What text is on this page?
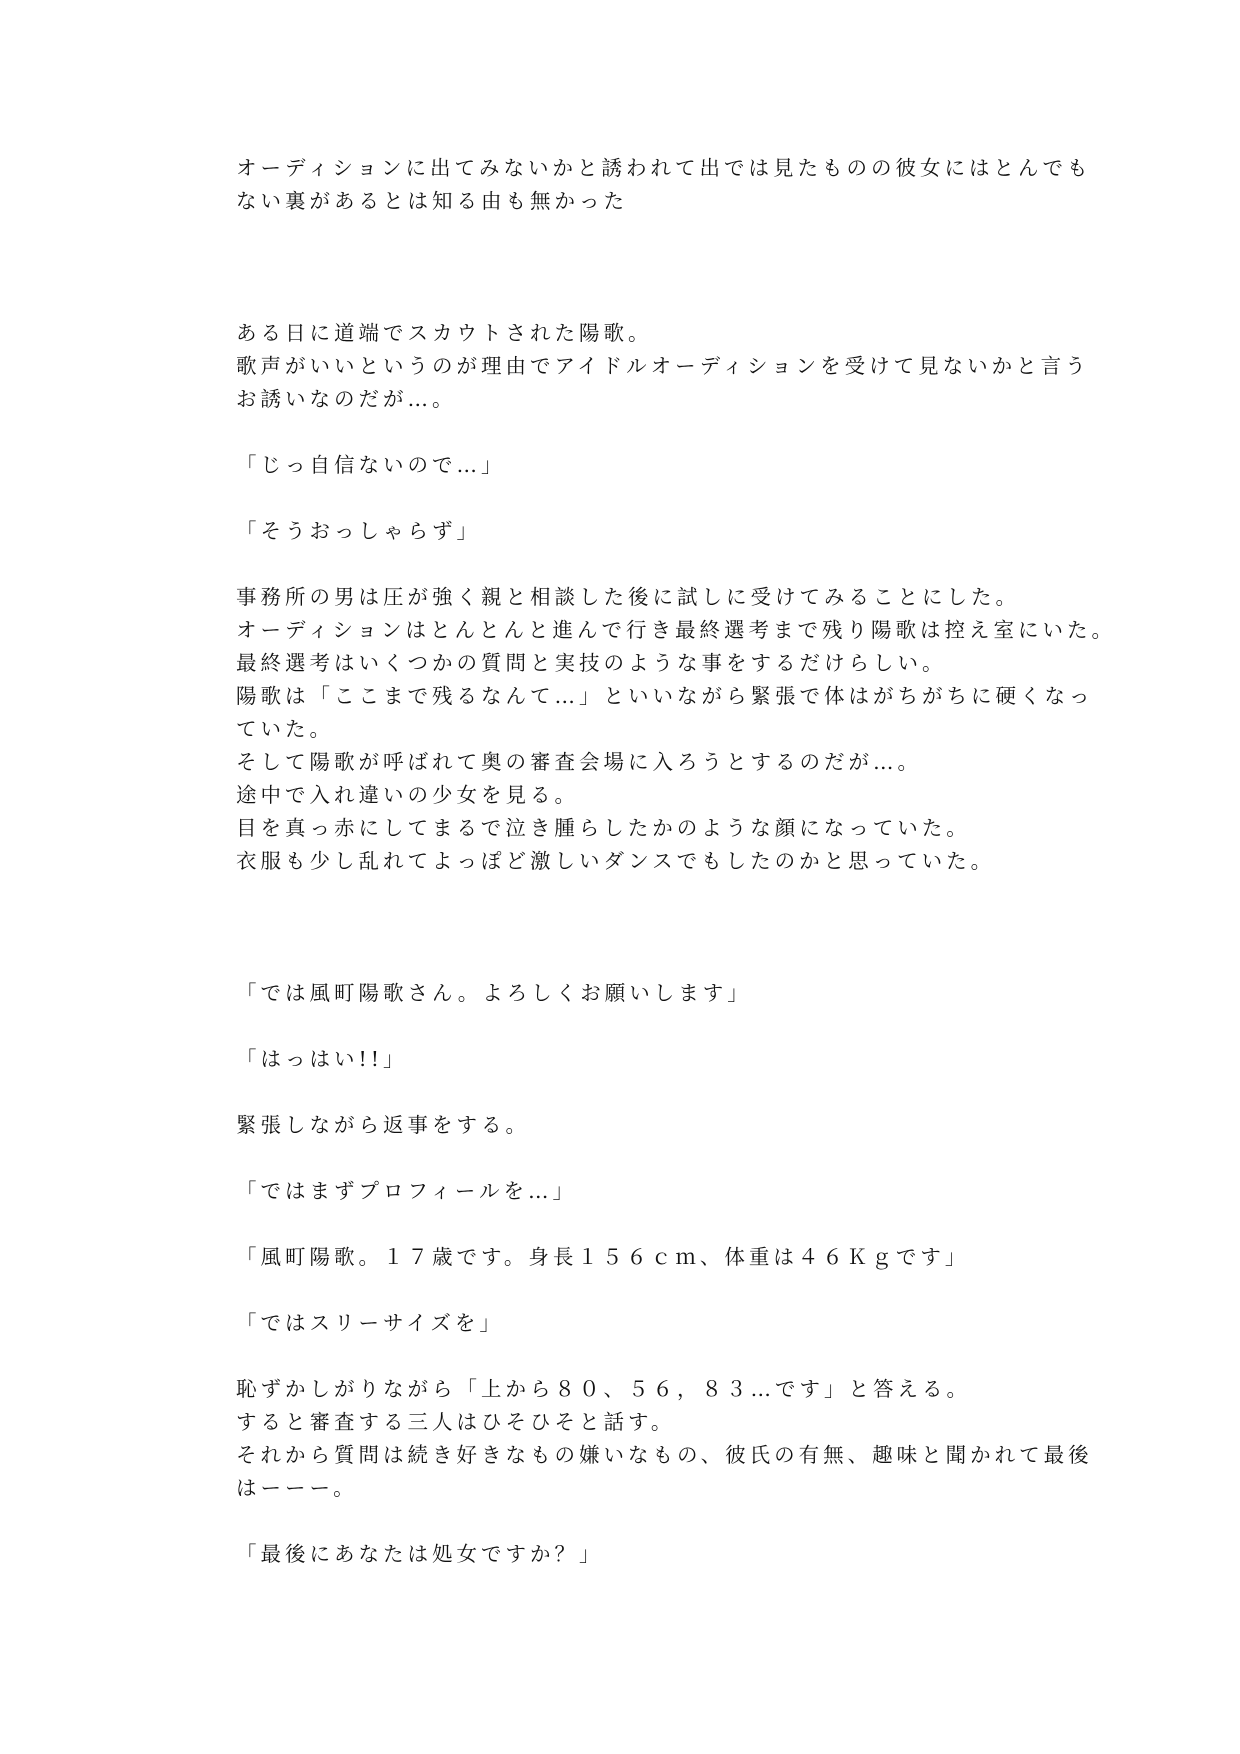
オーディションに出てみないかと誘われて出では見たものの彼女にはとんでも
ない裏があるとは知る由も無かった
ある日に道端でスカウトされた陽歌。
歌声がいいというのが理由でアイドルオーディションを受けて見ないかと言う
お誘いなのだが…。
「じっ自信ないので…」
「そうおっしゃらず」
事務所の男は圧が強く親と相談した後に試しに受けてみることにした。
オーディションはとんとんと進んで行き最終選考まで残り陽歌は控え室にいた。
最終選考はいくつかの質問と実技のような事をするだけらしい。
陽歌は「ここまで残るなんて…」といいながら緊張で体はがちがちに硬くなっ
ていた。
そして陽歌が呼ばれて奥の審査会場に入ろうとするのだが…。
途中で入れ違いの少女を見る。
目を真っ赤にしてまるで泣き腫らしたかのような顔になっていた。
衣服も少し乱れてよっぽど激しいダンスでもしたのかと思っていた。
「では風町陽歌さん。よろしくお願いします」
「はっはい!!」
緊張しながら返事をする。
「ではまずプロフィールを…」
「風町陽歌。１７歳です。身長１５６ｃｍ、体重は４６Ｋｇです」
「ではスリーサイズを」
恥ずかしがりながら「上から８０、５６，８３…です」と答える。
すると審査する三人はひそひそと話す。
それから質問は続き好きなもの嫌いなもの、彼氏の有無、趣味と聞かれて最後
はーーー。
「最後にあなたは処女ですか？」
